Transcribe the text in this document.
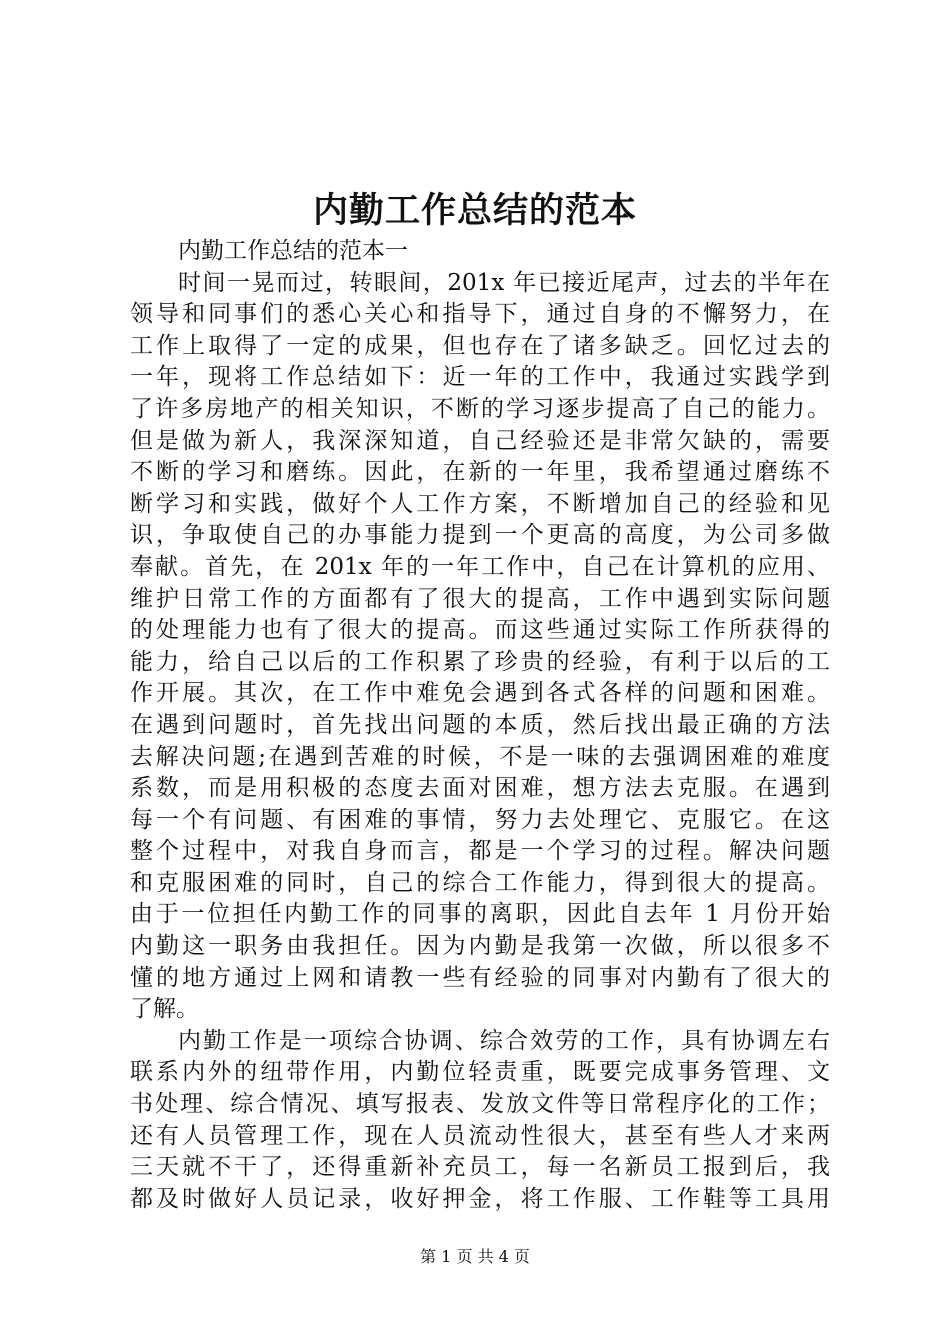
内勤工作总结的范本
内勤工作总结的范本一
时间一晃而过，转眼间，201x 年已接近尾声，过去的半年在
领导和同事们的悉心关心和指导下，通过自身的不懈努力，在
工作上取得了一定的成果，但也存在了诸多缺乏。回忆过去的
一年，现将工作总结如下：近一年的工作中，我通过实践学到
了许多房地产的相关知识，不断的学习逐步提高了自己的能力。
但是做为新人，我深深知道，自己经验还是非常欠缺的，需要
不断的学习和磨练。因此，在新的一年里，我希望通过磨练不
断学习和实践，做好个人工作方案，不断增加自己的经验和见
识，争取使自己的办事能力提到一个更高的高度，为公司多做
奉献。首先，在 201x 年的一年工作中，自己在计算机的应用、
维护日常工作的方面都有了很大的提高，工作中遇到实际问题
的处理能力也有了很大的提高。而这些通过实际工作所获得的
能力，给自己以后的工作积累了珍贵的经验，有利于以后的工
作开展。其次，在工作中难免会遇到各式各样的问题和困难。
在遇到问题时，首先找出问题的本质，然后找出最正确的方法
去解决问题;在遇到苦难的时候，不是一味的去强调困难的难度
系数，而是用积极的态度去面对困难，想方法去克服。在遇到
每一个有问题、有困难的事情，努力去处理它、克服它。在这
整个过程中，对我自身而言，都是一个学习的过程。解决问题
和克服困难的同时，自己的综合工作能力，得到很大的提高。
由于一位担任内勤工作的同事的离职，因此自去年 1 月份开始
内勤这一职务由我担任。因为内勤是我第一次做，所以很多不
懂的地方通过上网和请教一些有经验的同事对内勤有了很大的
了解。
内勤工作是一项综合协调、综合效劳的工作，具有协调左右
联系内外的纽带作用，内勤位轻责重，既要完成事务管理、文
书处理、综合情况、填写报表、发放文件等日常程序化的工作；
还有人员管理工作，现在人员流动性很大，甚至有些人才来两
三天就不干了，还得重新补充员工，每一名新员工报到后，我
都及时做好人员记录，收好押金，将工作服、工作鞋等工具用
第 1 页 共 4 页
